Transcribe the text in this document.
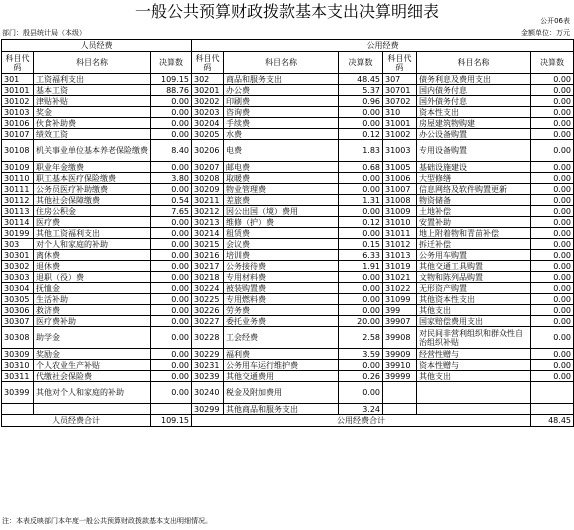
一般公共预算财政拨款基本支出决算明细表	公开06表
部门：殷县统计局（本级）	金额单位：万元
人员经费			公用经费					
科目代码	科目名称	决算数	科目代码	科目名称	决算数	科目代码	科目名称	决算数
301	工资福利支出	109.15	302	商品和服务支出	48.45	307	债务利息及费用支出	0.00
30101	基本工资	88.76	30201	办公费	5.37	30701	国内债务付息	0.00
30102	津贴补贴	0.00	30202	印刷费	0.96	30702	国外债务付息	0.00
30103	奖金	0.00	30203	咨询费	0.00	310	资本性支出	0.00
30106	伙食补助费	0.00	30204	手续费	0.00	31001	房屋建筑物购建	0.00
30107	绩效工资	0.00	30205	水费	0.12	31002	办公设备购置	0.00
30108	机关事业单位基本养老保险缴费	8.40	30206	电费	1.83	31003	专用设备购置	0.00
30109	职业年金缴费	0.00	30207	邮电费	0.68	31005	基础设施建设	0.00
30110	职工基本医疗保险缴费	3.80	30208	取暖费	0.00	31006	大型修缮	0.00
30111	公务员医疗补助缴费	0.00	30209	物业管理费	0.00	31007	信息网络及软件购置更新	0.00
30112	其他社会保障缴费	0.54	30211	差旅费	1.31	31008	物资储备	0.00
30113	住房公积金	7.65	30212	因公出国（境）费用	0.00	31009	土地补偿	0.00
30114	医疗费	0.00	30213	维修（护）费	0.12	31010	安置补助	0.00
30199	其他工资福利支出	0.00	30214	租赁费	0.00	31011	地上附着物和青苗补偿	0.00
303	对个人和家庭的补助	0.00	30215	会议费	0.15	31012	拆迁补偿	0.00
30301	离休费	0.00	30216	培训费	6.33	31013	公务用车购置	0.00
30302	退休费	0.00	30217	公务接待费	1.91	31019	其他交通工具购置	0.00
30303	退职（役）费	0.00	30218	专用材料费	0.00	31021	文物和陈列品购置	0.00
30304	抚恤金	0.00	30224	被装购置费	0.00	31022	无形资产购置	0.00
30305	生活补助	0.00	30225	专用燃料费	0.00	31099	其他资本性支出	0.00
30306	救济费	0.00	30226	劳务费	0.00	399	其他支出	0.00
30307	医疗费补助	0.00	30227	委托业务费	20.00	39907	国家赔偿费用支出	0.00
30308	助学金	0.00	30228	工会经费	2.58	39908	对民间非营利组织和群众性自治组织补贴	0.00
30309	奖励金	0.00	30229	福利费	3.59	39909	经营性赠与	0.00
30310	个人农业生产补贴	0.00	30231	公务用车运行维护费	0.00	39910	资本性赠与	0.00
30311	代缴社会保险费	0.00	30239	其他交通费用	0.26	39999	其他支出	0.00
30399	其他对个人和家庭的补助	0.00	30240	税金及附加费用	0.00			
			30299	其他商品和服务支出	3.24			
人员经费合计		109.15	公用经费合计					48.45
注：本表反映部门本年度一般公共预算财政拨款基本支出明细情况。
